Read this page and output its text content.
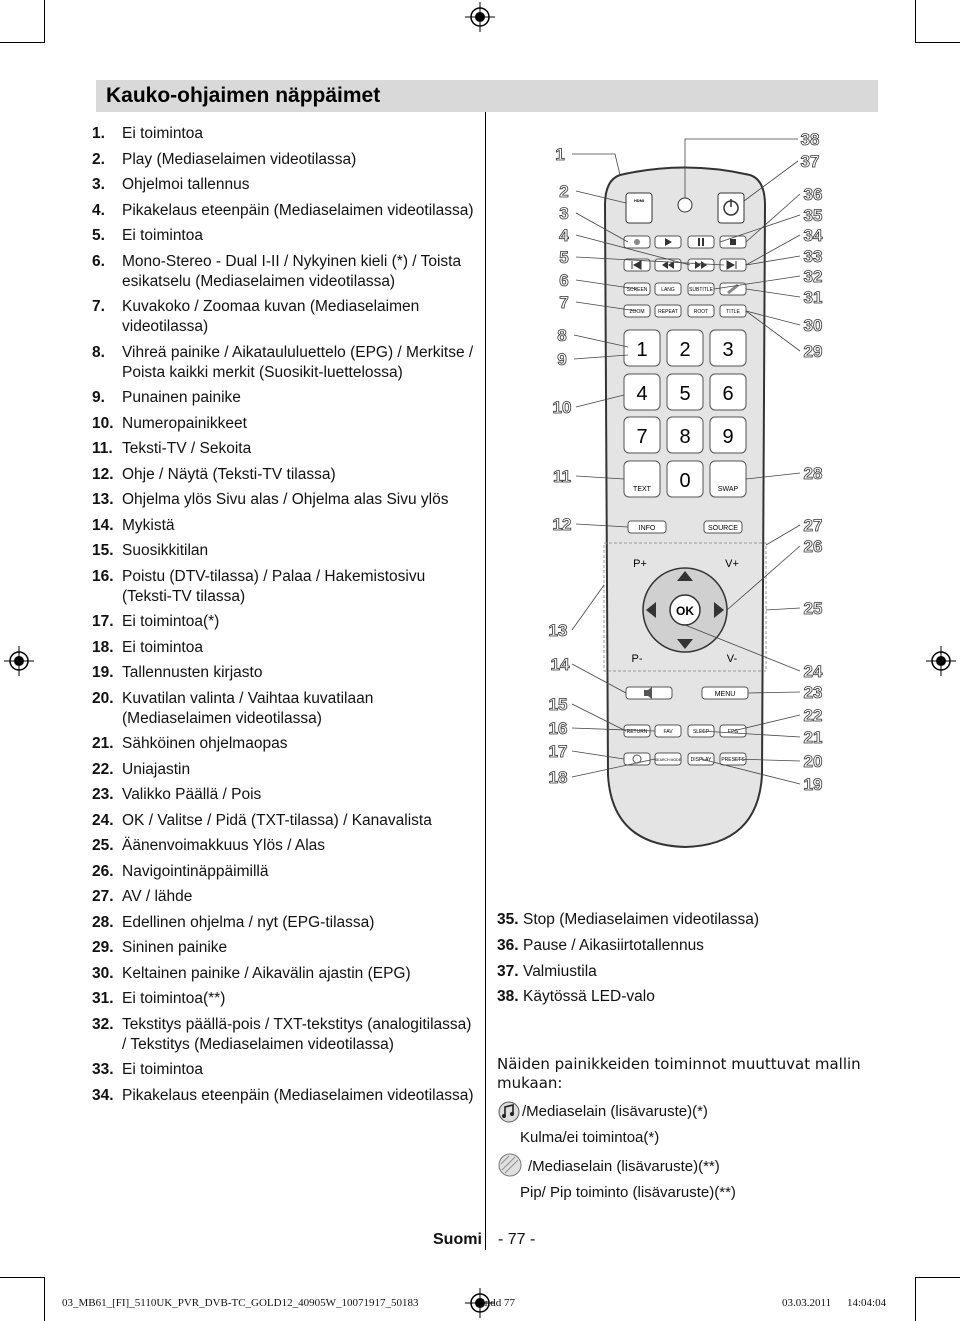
Kauko-ohjaimen näppäimet
1.	Ei toimintoa
2.	Play (Mediaselaimen videotilassa)
3.	Ohjelmoi tallennus
4.	Pikakelaus eteenpäin (Mediaselaimen videotilassa)
5.	Ei toimintoa
6.	Mono-Stereo - Dual I-II / Nykyinen kieli (*) / Toista esikatselu (Mediaselaimen videotilassa)
7.	Kuvakoko / Zoomaa kuvan (Mediaselaimen videotilassa)
8.	Vihreä painike / Aikataululuettelo (EPG) / Merkitse / Poista kaikki merkit (Suosikit-luettelossa)
9.	Punainen painike
10. Numeropainikkeet
11. Teksti-TV / Sekoita
12. Ohje / Näytä (Teksti-TV tilassa)
13. Ohjelma ylös Sivu alas / Ohjelma alas Sivu ylös
14. Mykistä
15. Suosikkitilan
16. Poistu (DTV-tilassa) / Palaa / Hakemistosivu (Teksti-TV tilassa)
17. Ei toimintoa(*)
18. Ei toimintoa
19. Tallennusten kirjasto
20. Kuvatilan valinta / Vaihtaa kuvatilaan (Mediaselaimen videotilassa)
21. Sähköinen ohjelmaopas
22. Uniajastin
23. Valikko Päällä / Pois
24. OK / Valitse / Pidä (TXT-tilassa) / Kanavalista
25. Äänenvoimakkuus Ylös / Alas
26. Navigointinäppäimillä
27. AV / lähde
28. Edellinen ohjelma / nyt (EPG-tilassa)
29. Sininen painike
30. Keltainen painike / Aikavälin ajastin (EPG)
31. Ei toimintoa(**)
32. Tekstitys päällä-pois / TXT-tekstitys (analogitilassa) / Tekstitys (Mediaselaimen videotilassa)
33. Ei toimintoa
34. Pikakelaus eteenpäin (Mediaselaimen videotilassa)
35. Stop (Mediaselaimen videotilassa)
36. Pause / Aikasiirtotallennus
37. Valmiustila
38. Käytössä LED-valo
Näiden painikkeiden toiminnot muuttuvat mallin mukaan:
/Mediaselain (lisävaruste)(*)
Kulma/ei toimintoa(*)
/Mediaselain (lisävaruste)(**)
Pip/ Pip toiminto (lisävaruste)(**)
HDMI
SCREEN	LANG	SUBTITLE
ZOOM	REPEAT	ROOT	TITLE
1 2 3
4 5 6
7 8 9
TEXT 0	SWAP
INFO	SOURCE
P+	V+
P-	V-
OK
MENU
RETURN	FAV	SLEEP	EPG
SEARCH MODE DISPLAY PRESETS
1
2
3
4
5
6
7
8
9
10
11
12
13
14
15
16
17
18
38
37
36
35
34
33
32
31
30
29
28
27
26
25
24
23
22
21
20
19
Suomi - 77 -
03_MB61_[FI]_5110UK_PVR_DVB-TC_GOLD12_40905W_10071917_50183	.indd 77	03.03.2011 14:04:04
